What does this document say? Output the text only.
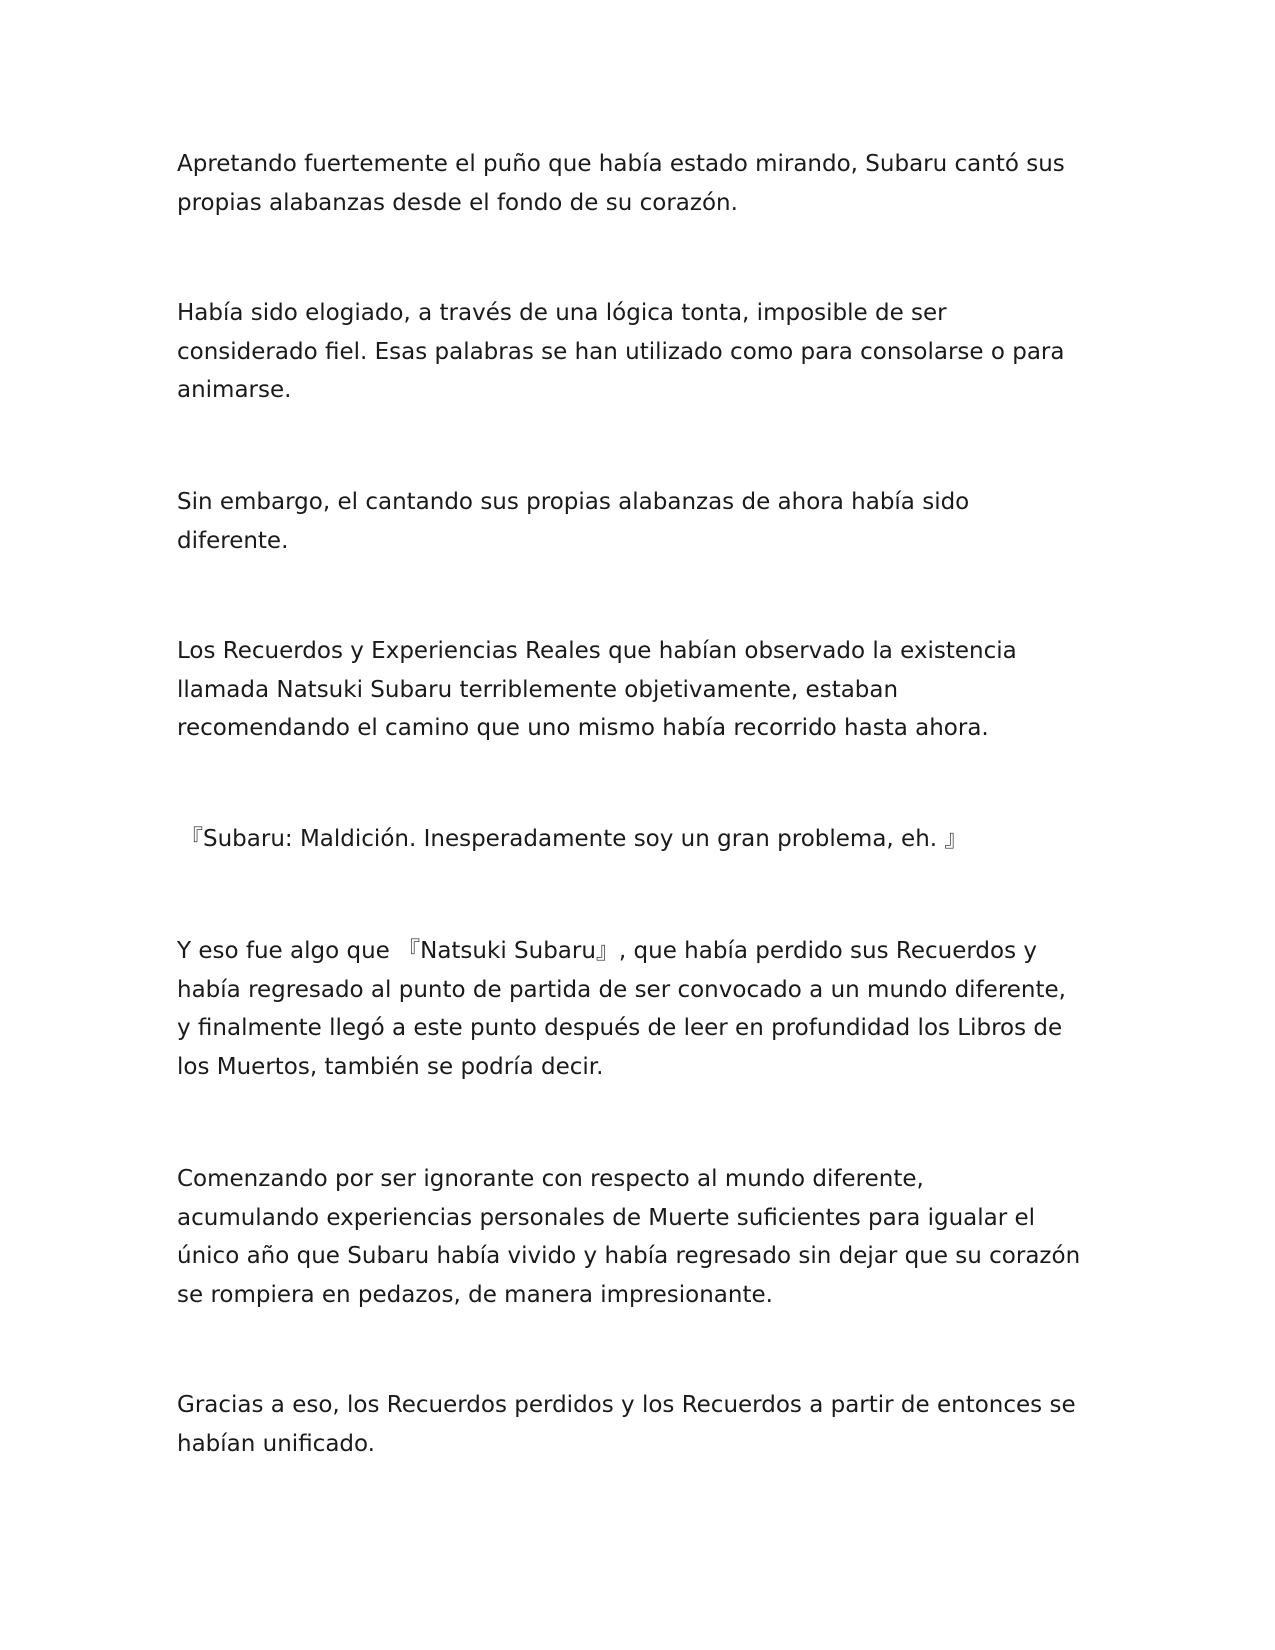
Apretando fuertemente el puño que había estado mirando, Subaru cantó sus
propias alabanzas desde el fondo de su corazón.

Había sido elogiado, a través de una lógica tonta, imposible de ser
considerado fiel. Esas palabras se han utilizado como para consolarse o para
animarse.

Sin embargo, el cantando sus propias alabanzas de ahora había sido
diferente.

Los Recuerdos y Experiencias Reales que habían observado la existencia
llamada Natsuki Subaru terriblemente objetivamente, estaban
recomendando el camino que uno mismo había recorrido hasta ahora.

『Subaru: Maldición. Inesperadamente soy un gran problema, eh. 』

Y eso fue algo que 『Natsuki Subaru』, que había perdido sus Recuerdos y
había regresado al punto de partida de ser convocado a un mundo diferente,
y finalmente llegó a este punto después de leer en profundidad los Libros de
los Muertos, también se podría decir.

Comenzando por ser ignorante con respecto al mundo diferente,
acumulando experiencias personales de Muerte suficientes para igualar el
único año que Subaru había vivido y había regresado sin dejar que su corazón
se rompiera en pedazos, de manera impresionante.

Gracias a eso, los Recuerdos perdidos y los Recuerdos a partir de entonces se
habían unificado.
